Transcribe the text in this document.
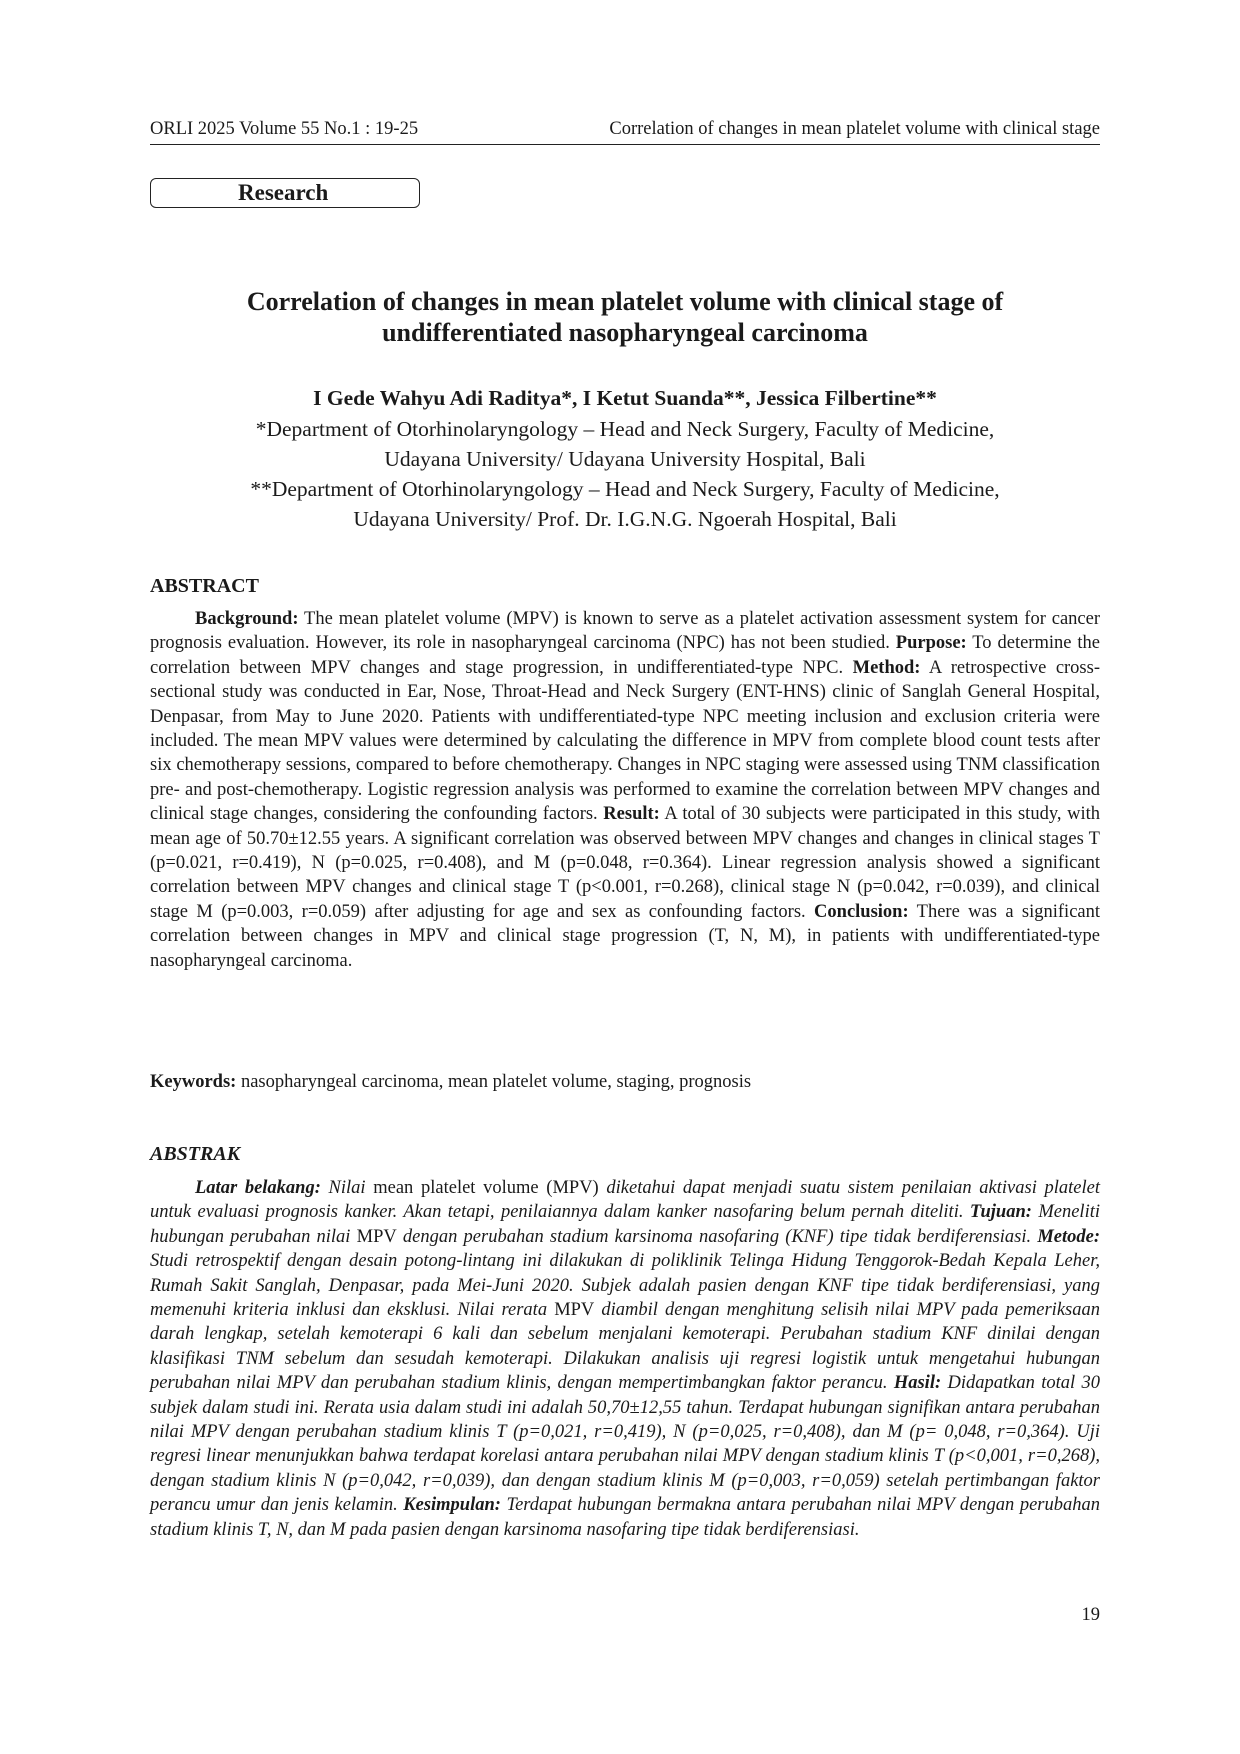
ORLI 2025 Volume 55 No.1 : 19-25	Correlation of changes in mean platelet volume with clinical stage
Research
Correlation of changes in mean platelet volume with clinical stage of
undifferentiated nasopharyngeal carcinoma
I Gede Wahyu Adi Raditya*, I Ketut Suanda**, Jessica Filbertine**
*Department of Otorhinolaryngology – Head and Neck Surgery, Faculty of Medicine,
Udayana University/ Udayana University Hospital, Bali
**Department of Otorhinolaryngology – Head and Neck Surgery, Faculty of Medicine,
Udayana University/ Prof. Dr. I.G.N.G. Ngoerah Hospital, Bali
ABSTRACT

Background: The mean platelet volume (MPV) is known to serve as a platelet activation assessment system for cancer prognosis evaluation. However, its role in nasopharyngeal carcinoma (NPC) has not been studied. Purpose: To determine the correlation between MPV changes and stage progression, in undifferentiated-type NPC. Method: A retrospective cross-sectional study was conducted in Ear, Nose, Throat-Head and Neck Surgery (ENT-HNS) clinic of Sanglah General Hospital, Denpasar, from May to June 2020. Patients with undifferentiated-type NPC meeting inclusion and exclusion criteria were included. The mean MPV values were determined by calculating the difference in MPV from complete blood count tests after six chemotherapy sessions, compared to before chemotherapy. Changes in NPC staging were assessed using TNM classification pre- and post-chemotherapy. Logistic regression analysis was performed to examine the correlation between MPV changes and clinical stage changes, considering the confounding factors. Result: A total of 30 subjects were participated in this study, with mean age of 50.70±12.55 years. A significant correlation was observed between MPV changes and changes in clinical stages T (p=0.021, r=0.419), N (p=0.025, r=0.408), and M (p=0.048, r=0.364). Linear regression analysis showed a significant correlation between MPV changes and clinical stage T (p<0.001, r=0.268), clinical stage N (p=0.042, r=0.039), and clinical stage M (p=0.003, r=0.059) after adjusting for age and sex as confounding factors. Conclusion: There was a significant correlation between changes in MPV and clinical stage progression (T, N, M), in patients with undifferentiated-type nasopharyngeal carcinoma.

Keywords: nasopharyngeal carcinoma, mean platelet volume, staging, prognosis
ABSTRAK

Latar belakang: Nilai mean platelet volume (MPV) diketahui dapat menjadi suatu sistem penilaian aktivasi platelet untuk evaluasi prognosis kanker. Akan tetapi, penilaiannya dalam kanker nasofaring belum pernah diteliti. Tujuan: Meneliti hubungan perubahan nilai MPV dengan perubahan stadium karsinoma nasofaring (KNF) tipe tidak berdiferensiasi. Metode: Studi retrospektif dengan desain potong-lintang ini dilakukan di poliklinik Telinga Hidung Tenggorok-Bedah Kepala Leher, Rumah Sakit Sanglah, Denpasar, pada Mei-Juni 2020. Subjek adalah pasien dengan KNF tipe tidak berdiferensiasi, yang memenuhi kriteria inklusi dan eksklusi. Nilai rerata MPV diambil dengan menghitung selisih nilai MPV pada pemeriksaan darah lengkap, setelah kemoterapi 6 kali dan sebelum menjalani kemoterapi. Perubahan stadium KNF dinilai dengan klasifikasi TNM sebelum dan sesudah kemoterapi. Dilakukan analisis uji regresi logistik untuk mengetahui hubungan perubahan nilai MPV dan perubahan stadium klinis, dengan mempertimbangkan faktor perancu. Hasil: Didapatkan total 30 subjek dalam studi ini. Rerata usia dalam studi ini adalah 50,70±12,55 tahun. Terdapat hubungan signifikan antara perubahan nilai MPV dengan perubahan stadium klinis T (p=0,021, r=0,419), N (p=0,025, r=0,408), dan M (p= 0,048, r=0,364). Uji regresi linear menunjukkan bahwa terdapat korelasi antara perubahan nilai MPV dengan stadium klinis T (p<0,001, r=0,268), dengan stadium klinis N (p=0,042, r=0,039), dan dengan stadium klinis M (p=0,003, r=0,059) setelah pertimbangan faktor perancu umur dan jenis kelamin. Kesimpulan: Terdapat hubungan bermakna antara perubahan nilai MPV dengan perubahan stadium klinis T, N, dan M pada pasien dengan karsinoma nasofaring tipe tidak berdiferensiasi.

19
